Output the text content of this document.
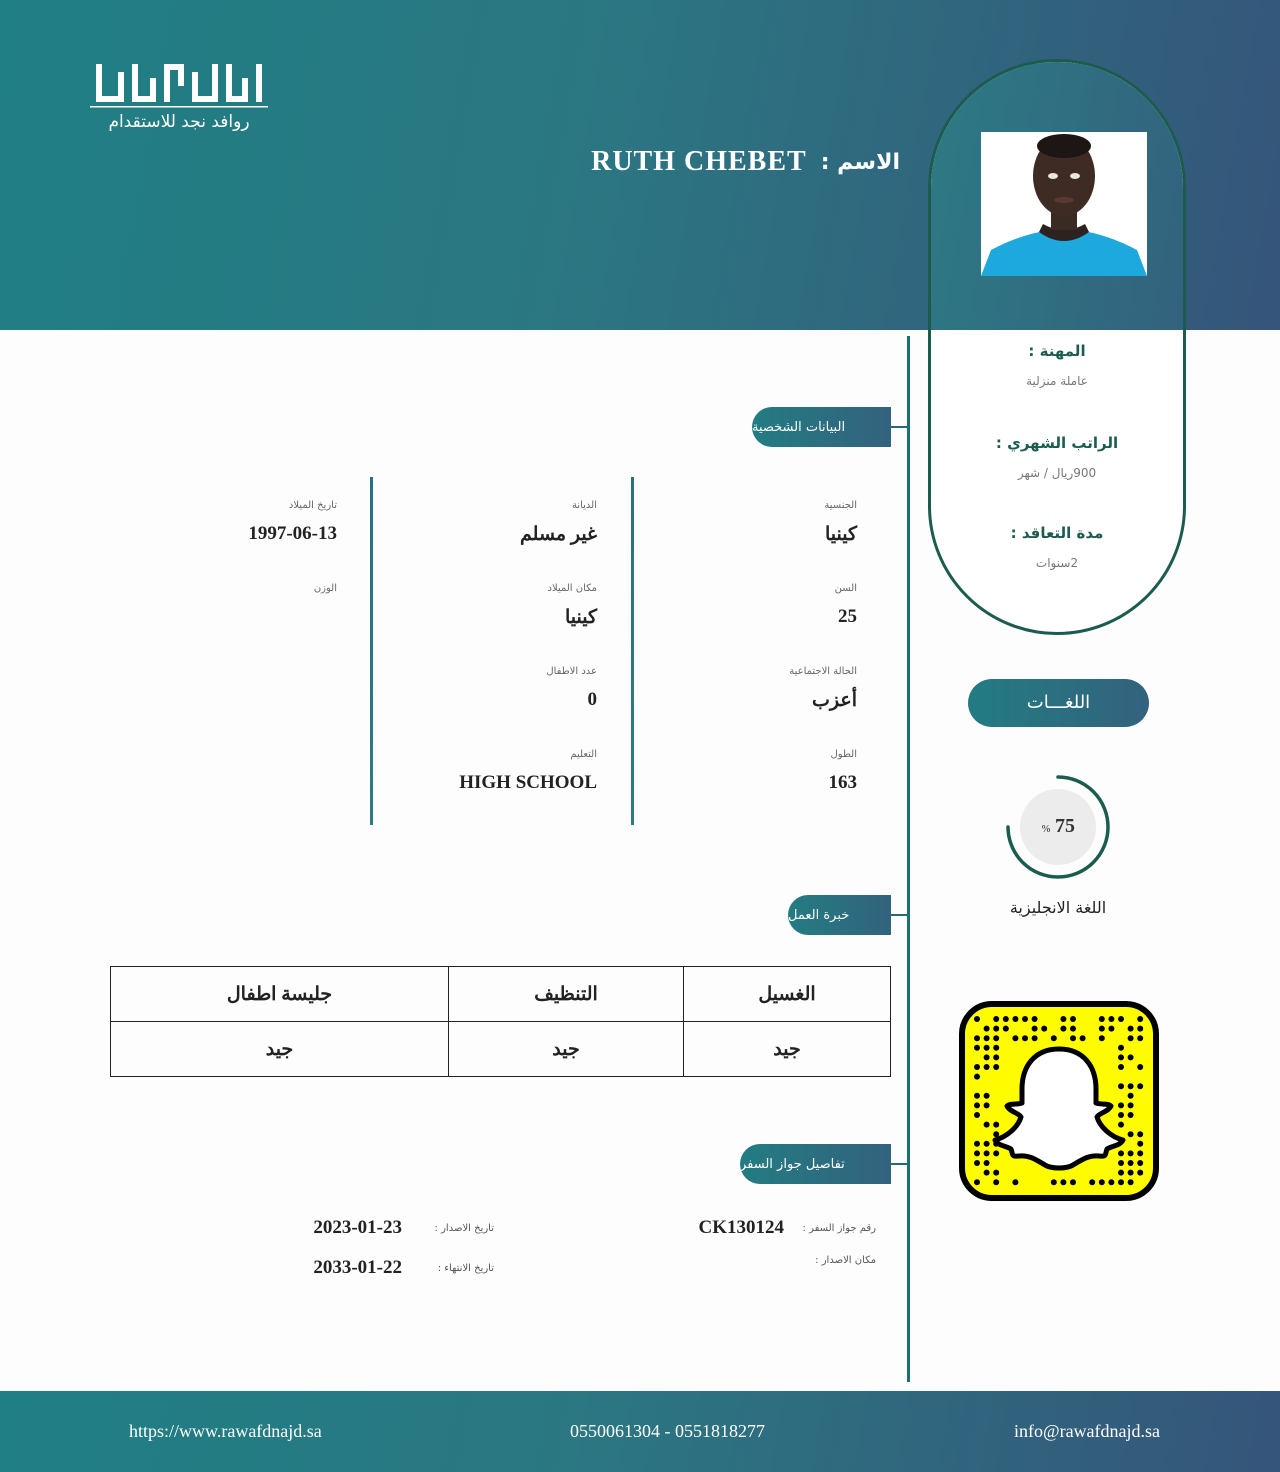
روافد نجد للاستقدام
الاسم :
RUTH CHEBET
المهنة :
عاملة منزلية
الراتب الشهري :
900ريال / شهر
مدة التعاقد :
2سنوات
البيانات الشخصية
الجنسية
كينيا
السن
25
الحالة الاجتماعية
أعزب
الطول
163
الديانة
غير مسلم
مكان الميلاد
كينيا
عدد الاطفال
0
التعليم
HIGH SCHOOL
تاريخ الميلاد
1997-06-13
الوزن
خبرة العمل
الغسيل	التنظيف	جليسة اطفال
جيد	جيد	جيد
تفاصيل جواز السفر
رقم جواز السفر :
CK130124
مكان الاصدار :
تاريخ الاصدار :
2023-01-23
تاريخ الانتهاء :
2033-01-22
اللغـــات
% 75
اللغة الانجليزية
https://www.rawafdnajd.sa	0550061304 - 0551818277	info@rawafdnajd.sa
